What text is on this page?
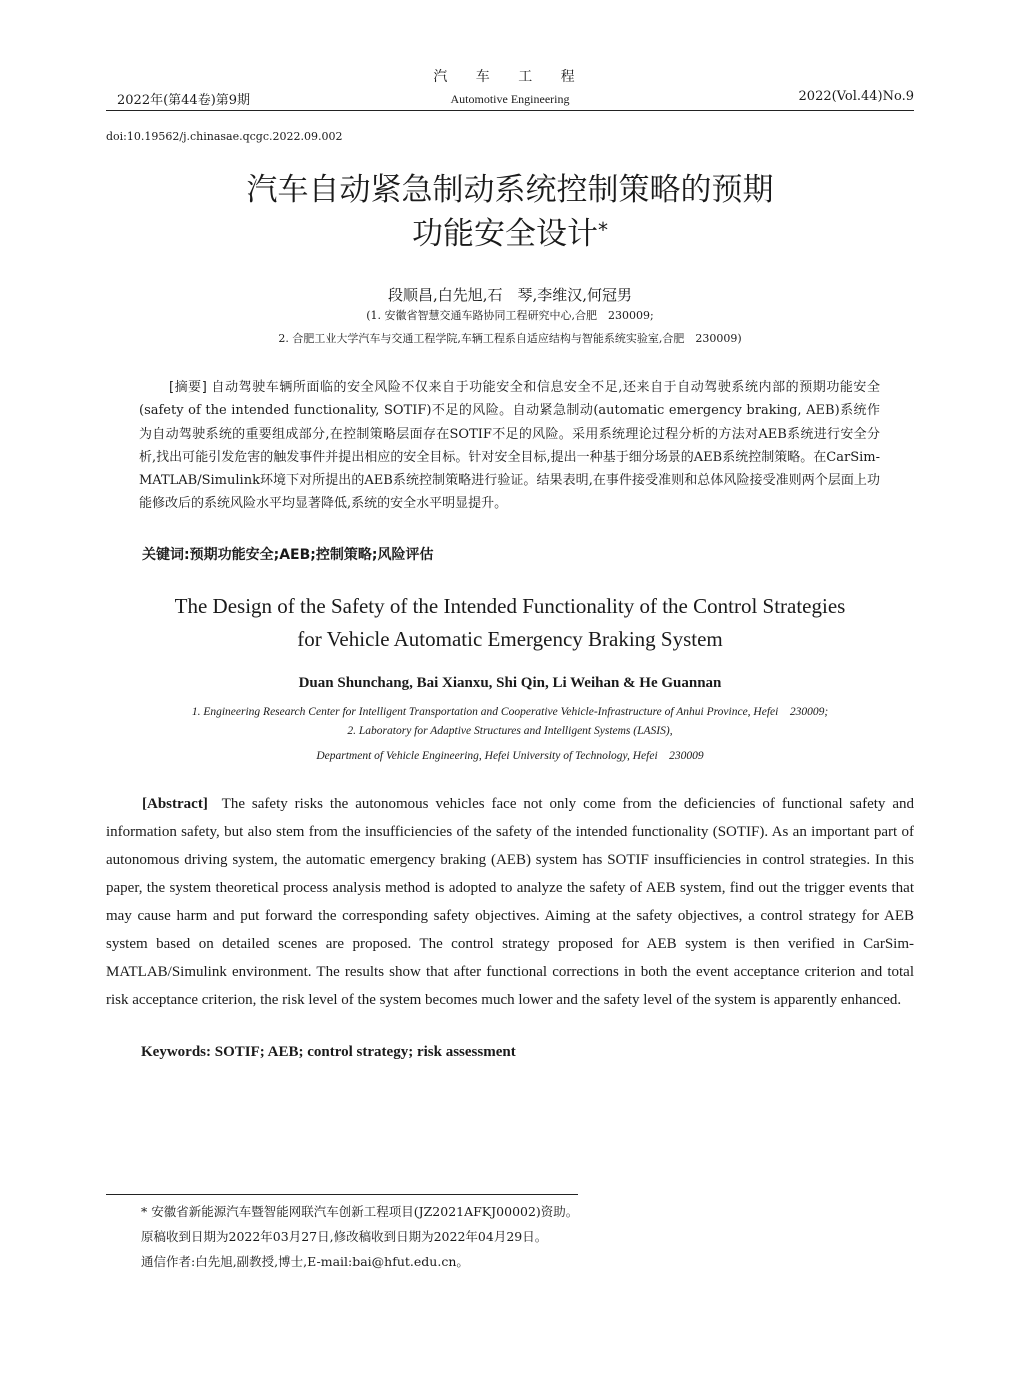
汽 车 工 程
2022年(第44卷)第9期	Automotive Engineering	2022(Vol.44)No.9
doi:10.19562/j.chinasae.qcgc.2022.09.002
汽车自动紧急制动系统控制策略的预期
功能安全设计*
段顺昌,白先旭,石　琴,李维汉,何冠男
(1. 安徽省智慧交通车路协同工程研究中心,合肥　230009;
2. 合肥工业大学汽车与交通工程学院,车辆工程系自适应结构与智能系统实验室,合肥　230009)
[摘要] 自动驾驶车辆所面临的安全风险不仅来自于功能安全和信息安全不足,还来自于自动驾驶系统内部的预期功能安全(safety of the intended functionality, SOTIF)不足的风险。自动紧急制动(automatic emergency braking, AEB)系统作为自动驾驶系统的重要组成部分,在控制策略层面存在SOTIF不足的风险。采用系统理论过程分析的方法对AEB系统进行安全分析,找出可能引发危害的触发事件并提出相应的安全目标。针对安全目标,提出一种基于细分场景的AEB系统控制策略。在CarSim-MATLAB/Simulink环境下对所提出的AEB系统控制策略进行验证。结果表明,在事件接受准则和总体风险接受准则两个层面上功能修改后的系统风险水平均显著降低,系统的安全水平明显提升。
关键词:预期功能安全;AEB;控制策略;风险评估
The Design of the Safety of the Intended Functionality of the Control Strategies
for Vehicle Automatic Emergency Braking System
Duan Shunchang, Bai Xianxu, Shi Qin, Li Weihan & He Guannan
1. Engineering Research Center for Intelligent Transportation and Cooperative Vehicle-Infrastructure of Anhui Province, Hefei　230009;
2. Laboratory for Adaptive Structures and Intelligent Systems (LASIS),
Department of Vehicle Engineering, Hefei University of Technology, Hefei　230009
[Abstract] The safety risks the autonomous vehicles face not only come from the deficiencies of functional safety and information safety, but also stem from the insufficiencies of the safety of the intended functionality (SOTIF). As an important part of autonomous driving system, the automatic emergency braking (AEB) system has SOTIF insufficiencies in control strategies. In this paper, the system theoretical process analysis method is adopted to analyze the safety of AEB system, find out the trigger events that may cause harm and put forward the corresponding safety objectives. Aiming at the safety objectives, a control strategy for AEB system based on detailed scenes are proposed. The control strategy proposed for AEB system is then verified in CarSim-MATLAB/Simulink environment. The results show that after functional corrections in both the event acceptance criterion and total risk acceptance criterion, the risk level of the system becomes much lower and the safety level of the system is apparently enhanced.
Keywords: SOTIF; AEB; control strategy; risk assessment
* 安徽省新能源汽车暨智能网联汽车创新工程项目(JZ2021AFKJ00002)资助。
原稿收到日期为2022年03月27日,修改稿收到日期为2022年04月29日。
通信作者:白先旭,副教授,博士,E-mail:bai@hfut.edu.cn。
